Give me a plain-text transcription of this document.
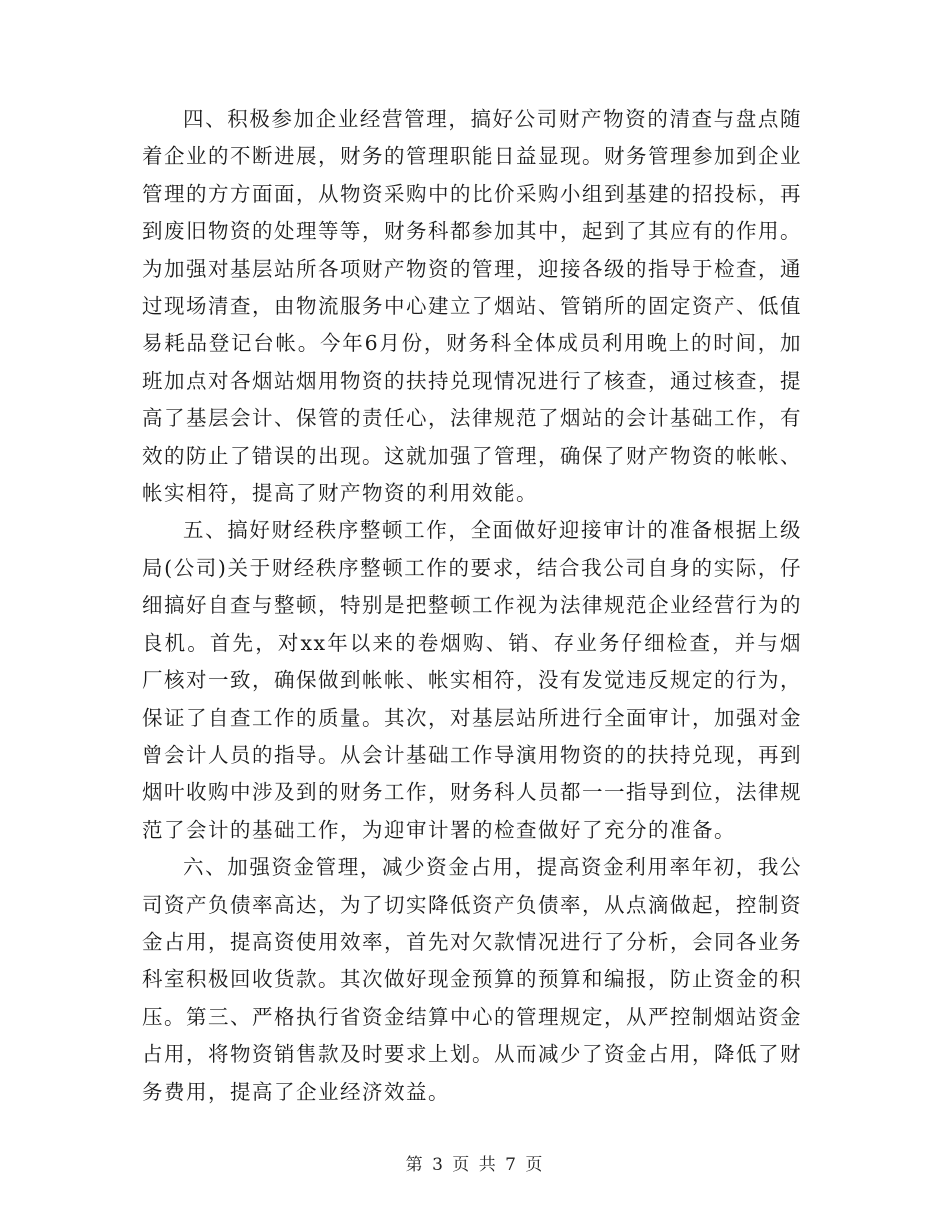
四、积极参加企业经营管理，搞好公司财产物资的清查与盘点随着企业的不断进展，财务的管理职能日益显现。财务管理参加到企业管理的方方面面，从物资采购中的比价采购小组到基建的招投标，再到废旧物资的处理等等，财务科都参加其中，起到了其应有的作用。为加强对基层站所各项财产物资的管理，迎接各级的指导于检查，通过现场清查，由物流服务中心建立了烟站、管销所的固定资产、低值易耗品登记台帐。今年6月份，财务科全体成员利用晚上的时间，加班加点对各烟站烟用物资的扶持兑现情况进行了核查，通过核查，提高了基层会计、保管的责任心，法律规范了烟站的会计基础工作，有效的防止了错误的出现。这就加强了管理，确保了财产物资的帐帐、帐实相符，提高了财产物资的利用效能。

五、搞好财经秩序整顿工作，全面做好迎接审计的准备根据上级局(公司)关于财经秩序整顿工作的要求，结合我公司自身的实际，仔细搞好自查与整顿，特别是把整顿工作视为法律规范企业经营行为的良机。首先，对xx年以来的卷烟购、销、存业务仔细检查，并与烟厂核对一致，确保做到帐帐、帐实相符，没有发觉违反规定的行为，保证了自查工作的质量。其次，对基层站所进行全面审计，加强对金曾会计人员的指导。从会计基础工作导演用物资的的扶持兑现，再到烟叶收购中涉及到的财务工作，财务科人员都一一指导到位，法律规范了会计的基础工作，为迎审计署的检查做好了充分的准备。

六、加强资金管理，减少资金占用，提高资金利用率年初，我公司资产负债率高达，为了切实降低资产负债率，从点滴做起，控制资金占用，提高资使用效率，首先对欠款情况进行了分析，会同各业务科室积极回收货款。其次做好现金预算的预算和编报，防止资金的积压。第三、严格执行省资金结算中心的管理规定，从严控制烟站资金占用，将物资销售款及时要求上划。从而减少了资金占用，降低了财务费用，提高了企业经济效益。

第 3 页 共 7 页
